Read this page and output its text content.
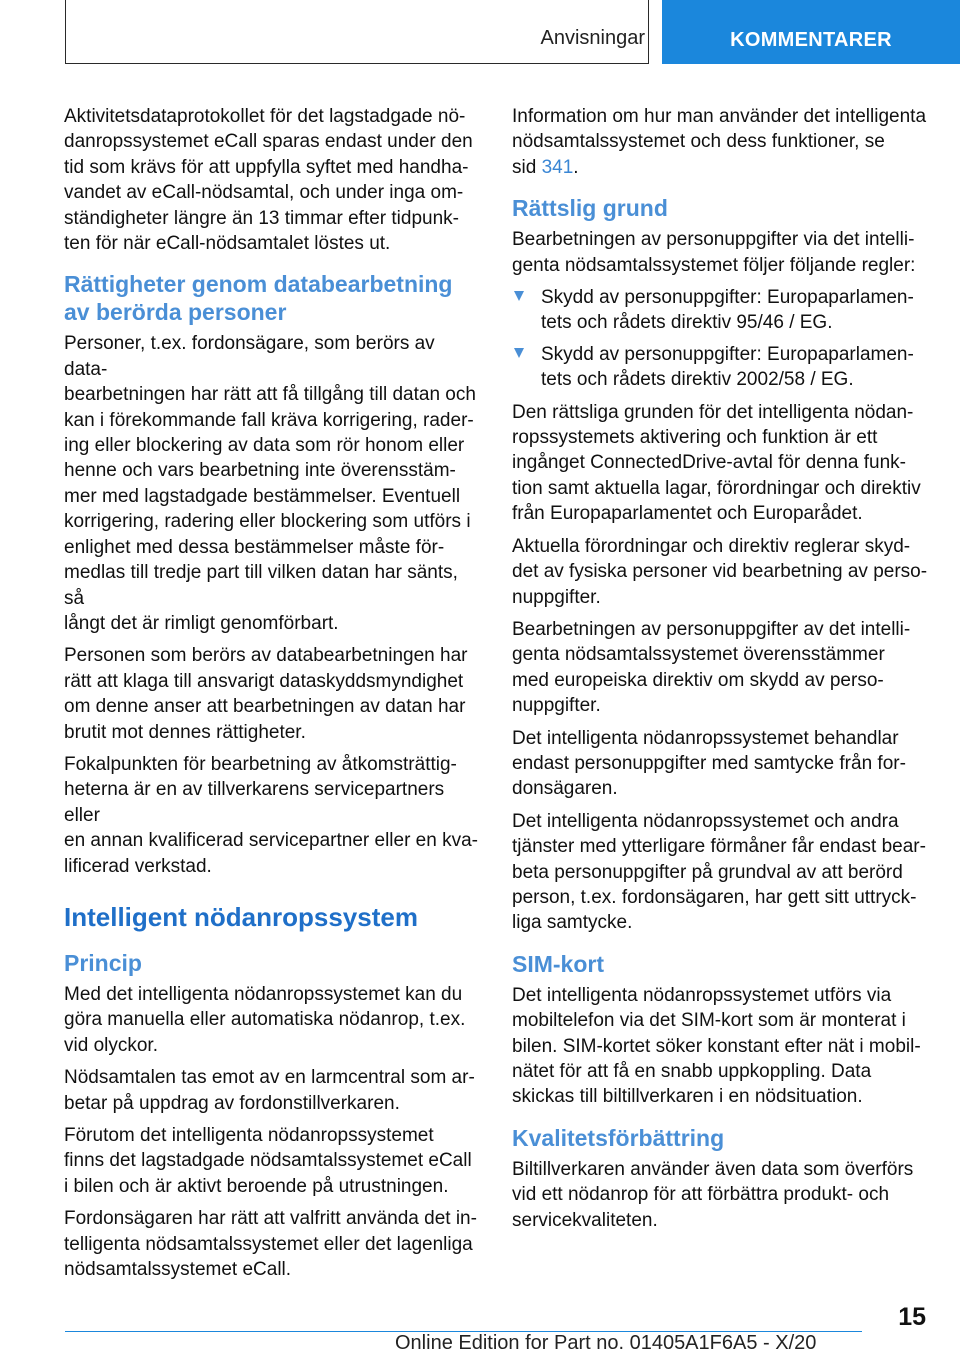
Anvisningar	KOMMENTARER

Aktivitetsdataprotokollet för det lagstadgade nö‐
danropssystemet eCall sparas endast under den
tid som krävs för att uppfylla syftet med handha‐
vandet av eCall-nödsamtal, och under inga om‐
ständigheter längre än 13 timmar efter tidpunk‐
ten för när eCall-nödsamtalet löstes ut.

Rättigheter genom databearbetning
av berörda personer

Personer, t.ex. fordonsägare, som berörs av data‐
bearbetningen har rätt att få tillgång till datan och
kan i förekommande fall kräva korrigering, rader‐
ing eller blockering av data som rör honom eller
henne och vars bearbetning inte överensstäm‐
mer med lagstadgade bestämmelser. Eventuell
korrigering, radering eller blockering som utförs i
enlighet med dessa bestämmelser måste för‐
medlas till tredje part till vilken datan har sänts, så
långt det är rimligt genomförbart.

Personen som berörs av databearbetningen har
rätt att klaga till ansvarigt dataskyddsmyndighet
om denne anser att bearbetningen av datan har
brutit mot dennes rättigheter.

Fokalpunkten för bearbetning av åtkomsträttig‐
heterna är en av tillverkarens servicepartners eller
en annan kvalificerad servicepartner eller en kva‐
lificerad verkstad.

Intelligent nödanropssystem
Princip

Med det intelligenta nödanropssystemet kan du
göra manuella eller automatiska nödanrop, t.ex.
vid olyckor.

Nödsamtalen tas emot av en larmcentral som ar‐
betar på uppdrag av fordonstillverkaren.

Förutom det intelligenta nödanropssystemet
finns det lagstadgade nödsamtalssystemet eCall
i bilen och är aktivt beroende på utrustningen.

Fordonsägaren har rätt att valfritt använda det in‐
telligenta nödsamtalssystemet eller det lagenliga
nödsamtalssystemet eCall.

Information om hur man använder det intelligenta
nödsamtalssystemet och dess funktioner, se
sid 341.

Rättslig grund

Bearbetningen av personuppgifter via det intelli‐
genta nödsamtalssystemet följer följande regler:

Skydd av personuppgifter: Europaparlamen‐
tets och rådets direktiv 95/46 / EG.
Skydd av personuppgifter: Europaparlamen‐
tets och rådets direktiv 2002/58 / EG.

Den rättsliga grunden för det intelligenta nödan‐
ropssystemets aktivering och funktion är ett
ingånget ConnectedDrive-avtal för denna funk‐
tion samt aktuella lagar, förordningar och direktiv
från Europaparlamentet och Europarådet.

Aktuella förordningar och direktiv reglerar skyd‐
det av fysiska personer vid bearbetning av perso‐
nuppgifter.

Bearbetningen av personuppgifter av det intelli‐
genta nödsamtalssystemet överensstämmer
med europeiska direktiv om skydd av perso‐
nuppgifter.

Det intelligenta nödanropssystemet behandlar
endast personuppgifter med samtycke från for‐
donsägaren.

Det intelligenta nödanropssystemet och andra
tjänster med ytterligare förmåner får endast bear‐
beta personuppgifter på grundval av att berörd
person, t.ex. fordonsägaren, har gett sitt uttryck‐
liga samtycke.

SIM-kort

Det intelligenta nödanropssystemet utförs via
mobiltelefon via det SIM-kort som är monterat i
bilen. SIM-kortet söker konstant efter nät i mobil‐
nätet för att få en snabb uppkoppling. Data
skickas till biltillverkaren i en nödsituation.

Kvalitetsförbättring

Biltillverkaren använder även data som överförs
vid ett nödanrop för att förbättra produkt- och
servicekvaliteten.

15
Online Edition for Part no. 01405A1F6A5 - X/20
